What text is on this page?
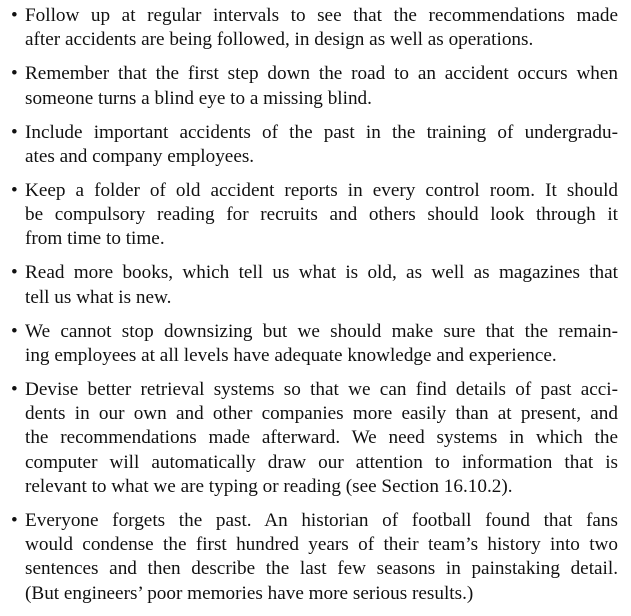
• Follow up at regular intervals to see that the recommendations made
after accidents are being followed, in design as well as operations.
• Remember that the first step down the road to an accident occurs when
someone turns a blind eye to a missing blind.
• Include important accidents of the past in the training of undergradu-
ates and company employees.
• Keep a folder of old accident reports in every control room. It should
be compulsory reading for recruits and others should look through it
from time to time.
• Read more books, which tell us what is old, as well as magazines that
tell us what is new.
• We cannot stop downsizing but we should make sure that the remain-
ing employees at all levels have adequate knowledge and experience.
• Devise better retrieval systems so that we can find details of past acci-
dents in our own and other companies more easily than at present, and
the recommendations made afterward. We need systems in which the
computer will automatically draw our attention to information that is
relevant to what we are typing or reading (see Section 16.10.2).
• Everyone forgets the past. An historian of football found that fans
would condense the first hundred years of their team’s history into two
sentences and then describe the last few seasons in painstaking detail.
(But engineers’ poor memories have more serious results.)
